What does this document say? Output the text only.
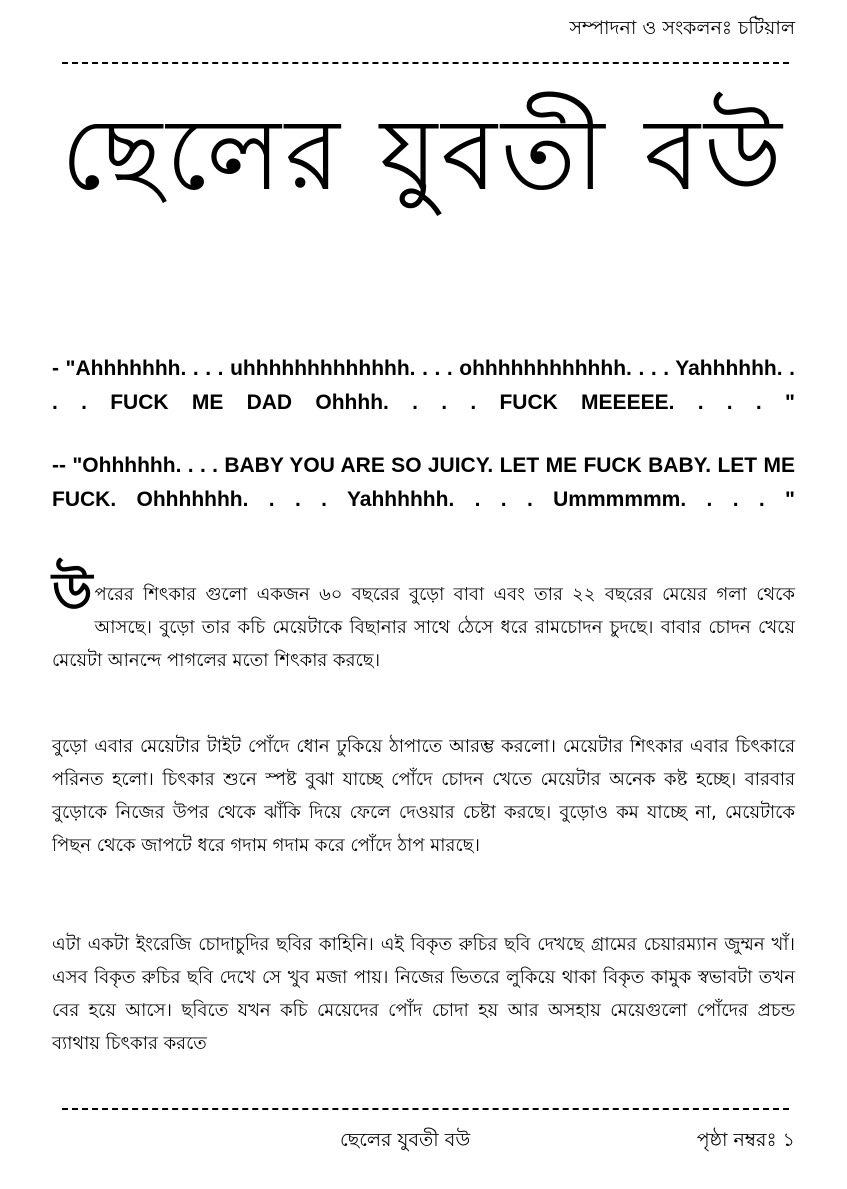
সম্পাদনা ও সংকলনঃ চটিয়াল
ছেলের যুবতী বউ
- "Ahhhhhhh. . . . uhhhhhhhhhhhhh. . . . ohhhhhhhhhhhh. . . . Yahhhhhh. . . . FUCK ME DAD Ohhhh. . . . FUCK MEEEEE. . . . "
-- "Ohhhhhh. . . . BABY YOU ARE SO JUICY. LET ME FUCK BABY. LET ME FUCK. Ohhhhhhh. . . . Yahhhhhh. . . . Ummmmmm. . . . "
উপরের শিৎকার গুলো একজন ৬০ বছরের বুড়ো বাবা এবং তার ২২ বছরের মেয়ের গলা থেকে আসছে। বুড়ো তার কচি মেয়েটাকে বিছানার সাথে ঠেসে ধরে রামচোদন চুদছে। বাবার চোদন খেয়ে মেয়েটা আনন্দে পাগলের মতো শিৎকার করছে।
বুড়ো এবার মেয়েটার টাইট পোঁদে ধোন ঢুকিয়ে ঠাপাতে আরম্ভ করলো। মেয়েটার শিৎকার এবার চিৎকারে পরিনত হলো। চিৎকার শুনে স্পষ্ট বুঝা যাচ্ছে পোঁদে চোদন খেতে মেয়েটার অনেক কষ্ট হচ্ছে। বারবার বুড়োকে নিজের উপর থেকে ঝাঁকি দিয়ে ফেলে দেওয়ার চেষ্টা করছে। বুড়োও কম যাচ্ছে না, মেয়েটাকে পিছন থেকে জাপটে ধরে গদাম গদাম করে পোঁদে ঠাপ মারছে।
এটা একটা ইংরেজি চোদাচুদির ছবির কাহিনি। এই বিকৃত রুচির ছবি দেখছে গ্রামের চেয়ারম্যান জুম্মন খাঁ। এসব বিকৃত রুচির ছবি দেখে সে খুব মজা পায়। নিজের ভিতরে লুকিয়ে থাকা বিকৃত কামুক স্বভাবটা তখন বের হয়ে আসে। ছবিতে যখন কচি মেয়েদের পোঁদ চোদা হয় আর অসহায় মেয়েগুলো পোঁদের প্রচন্ড ব্যাথায় চিৎকার করতে
ছেলের যুবতী বউ	পৃষ্ঠা নম্বরঃ ১
